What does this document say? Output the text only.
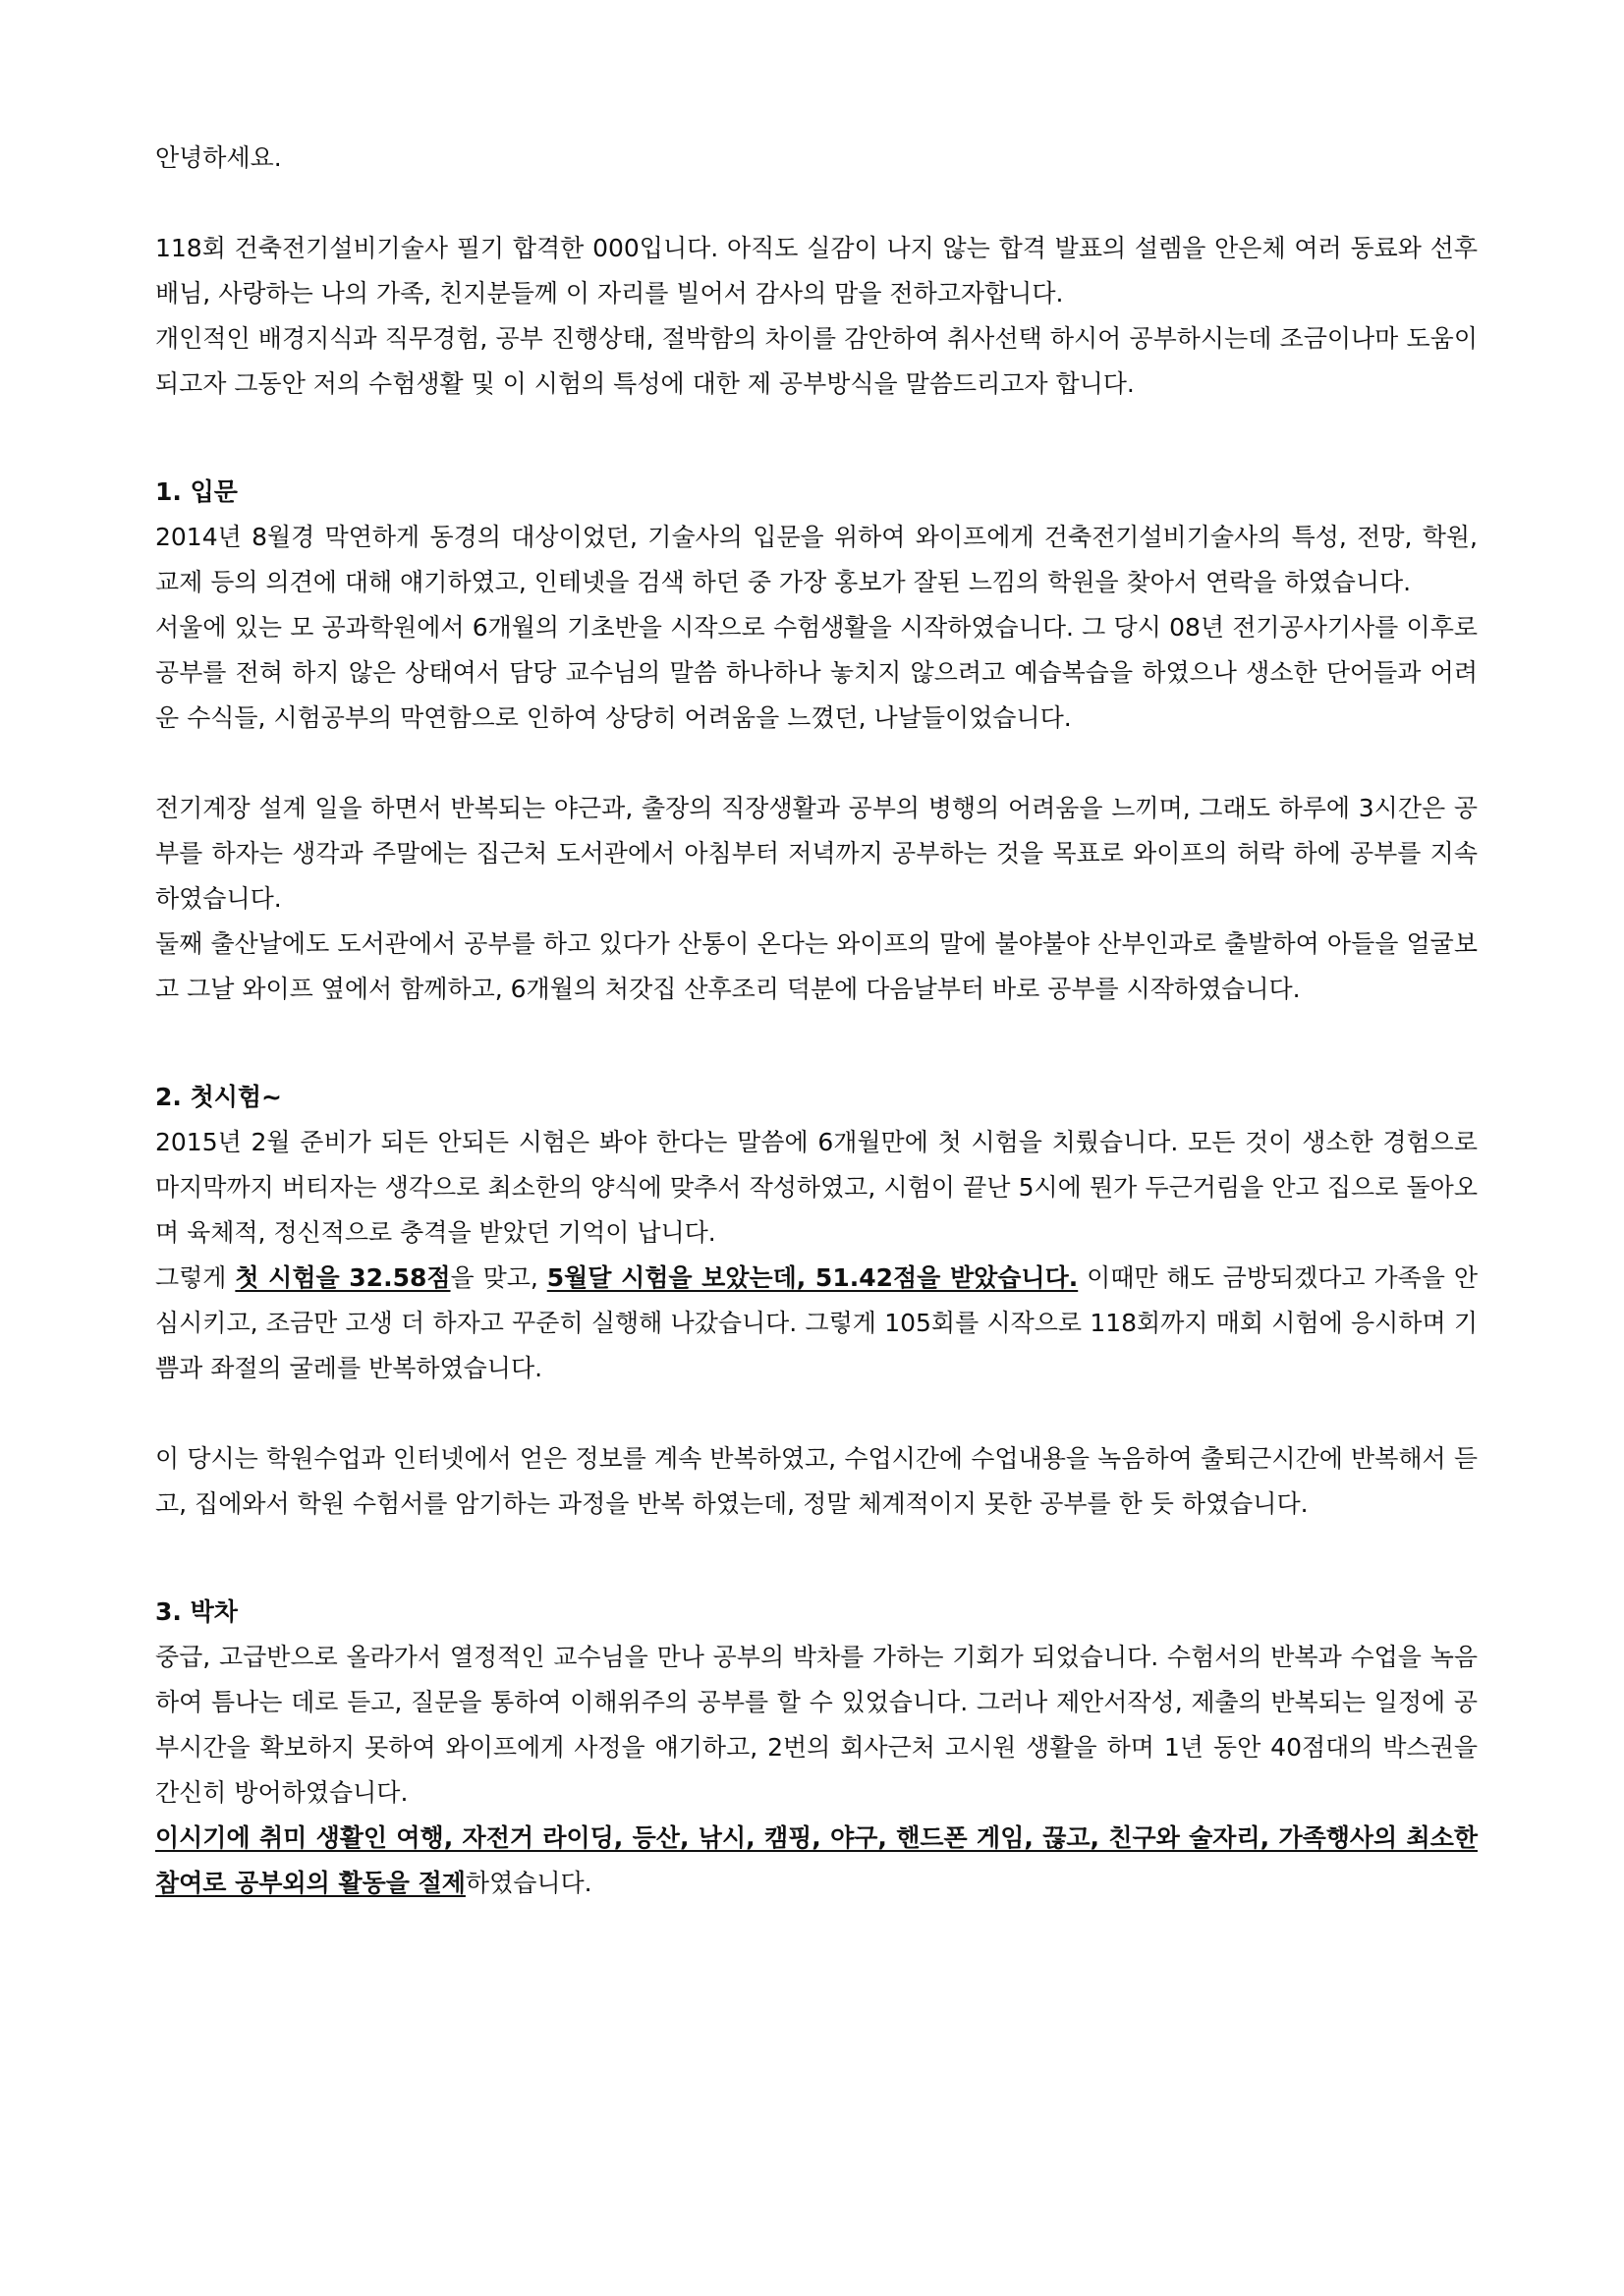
안녕하세요.

118회 건축전기설비기술사 필기 합격한 000입니다. 아직도 실감이 나지 않는 합격 발표의 설렘을 안은체 여러 동료와 선후배님, 사랑하는 나의 가족, 친지분들께 이 자리를 빌어서 감사의 맘을 전하고자합니다.

개인적인 배경지식과 직무경험, 공부 진행상태, 절박함의 차이를 감안하여 취사선택 하시어 공부하시는데 조금이나마 도움이 되고자 그동안 저의 수험생활 및 이 시험의 특성에 대한 제 공부방식을 말씀드리고자 합니다.

1. 입문

2014년 8월경 막연하게 동경의 대상이었던, 기술사의 입문을 위하여 와이프에게 건축전기설비기술사의 특성, 전망, 학원, 교제 등의 의견에 대해 얘기하였고, 인테넷을 검색 하던 중 가장 홍보가 잘된 느낌의 학원을 찾아서 연락을 하였습니다.

서울에 있는 모 공과학원에서 6개월의 기초반을 시작으로 수험생활을 시작하였습니다. 그 당시 08년 전기공사기사를 이후로 공부를 전혀 하지 않은 상태여서 담당 교수님의 말씀 하나하나 놓치지 않으려고 예습복습을 하였으나 생소한 단어들과 어려운 수식들, 시험공부의 막연함으로 인하여 상당히 어려움을 느꼈던, 나날들이었습니다.

전기계장 설계 일을 하면서 반복되는 야근과, 출장의 직장생활과 공부의 병행의 어려움을 느끼며, 그래도 하루에 3시간은 공부를 하자는 생각과 주말에는 집근처 도서관에서 아침부터 저녁까지 공부하는 것을 목표로 와이프의 허락 하에 공부를 지속하였습니다.

둘째 출산날에도 도서관에서 공부를 하고 있다가 산통이 온다는 와이프의 말에 불야불야 산부인과로 출발하여 아들을 얼굴보고 그날 와이프 옆에서 함께하고, 6개월의 처갓집 산후조리 덕분에 다음날부터 바로 공부를 시작하였습니다.

2. 첫시험~

2015년 2월 준비가 되든 안되든 시험은 봐야 한다는 말씀에 6개월만에 첫 시험을 치뤘습니다. 모든 것이 생소한 경험으로 마지막까지 버티자는 생각으로 최소한의 양식에 맞추서 작성하였고, 시험이 끝난 5시에 뭔가 두근거림을 안고 집으로 돌아오며 육체적, 정신적으로 충격을 받았던 기억이 납니다.

그렇게 첫 시험을 32.58점을 맞고, 5월달 시험을 보았는데, 51.42점을 받았습니다. 이때만 해도 금방되겠다고 가족을 안심시키고, 조금만 고생 더 하자고 꾸준히 실행해 나갔습니다. 그렇게 105회를 시작으로 118회까지 매회 시험에 응시하며 기쁨과 좌절의 굴레를 반복하였습니다.

이 당시는 학원수업과 인터넷에서 얻은 정보를 계속 반복하였고, 수업시간에 수업내용을 녹음하여 출퇴근시간에 반복해서 듣고, 집에와서 학원 수험서를 암기하는 과정을 반복 하였는데, 정말 체계적이지 못한 공부를 한 듯 하였습니다.

3. 박차

중급, 고급반으로 올라가서 열정적인 교수님을 만나 공부의 박차를 가하는 기회가 되었습니다. 수험서의 반복과 수업을 녹음하여 틈나는 데로 듣고, 질문을 통하여 이해위주의 공부를 할 수 있었습니다. 그러나 제안서작성, 제출의 반복되는 일정에 공부시간을 확보하지 못하여 와이프에게 사정을 얘기하고, 2번의 회사근처 고시원 생활을 하며 1년 동안 40점대의 박스권을 간신히 방어하였습니다.

이시기에 취미 생활인 여행, 자전거 라이딩, 등산, 낚시, 캠핑, 야구, 핸드폰 게임, 끊고, 친구와 술자리, 가족행사의 최소한 참여로 공부외의 활동을 절제하였습니다.
